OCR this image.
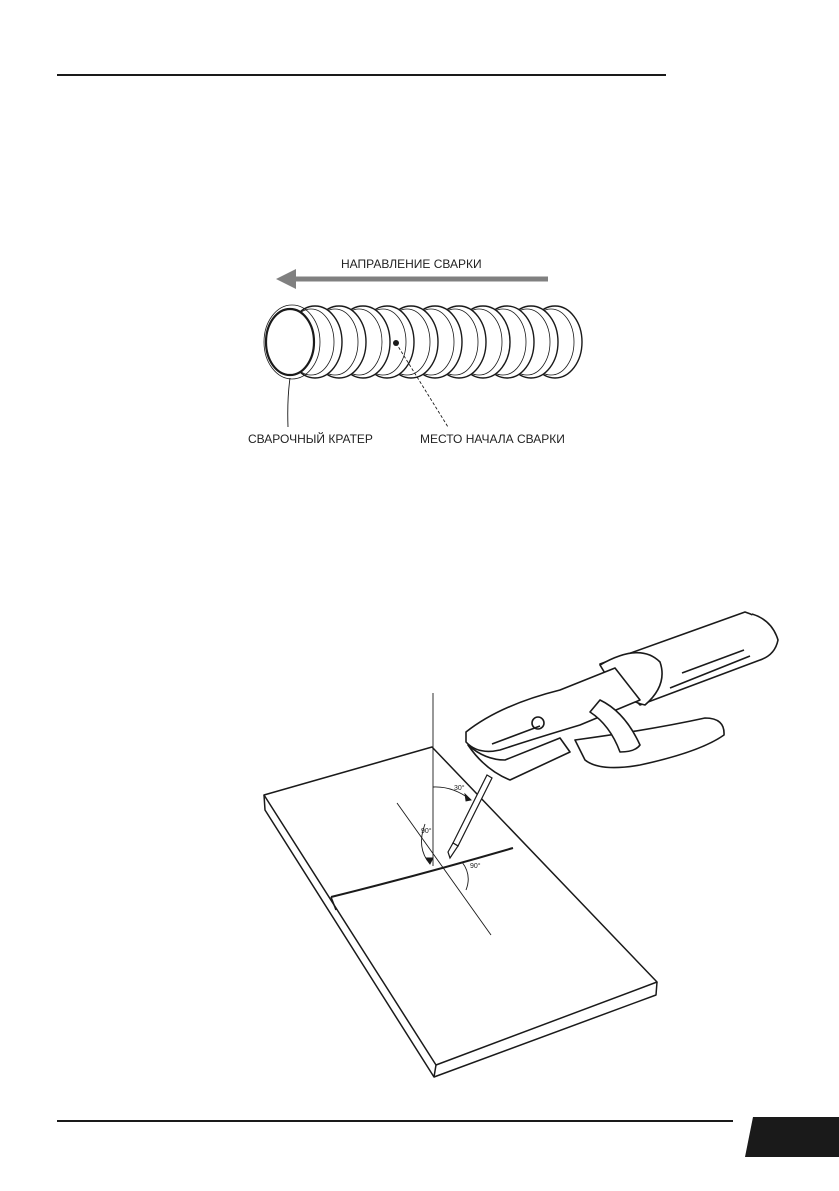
НАПРАВЛЕНИЕ СВАРКИ
СВАРОЧНЫЙ КРАТЕР	МЕСТО НАЧАЛА СВАРКИ
30°
90°
90°
